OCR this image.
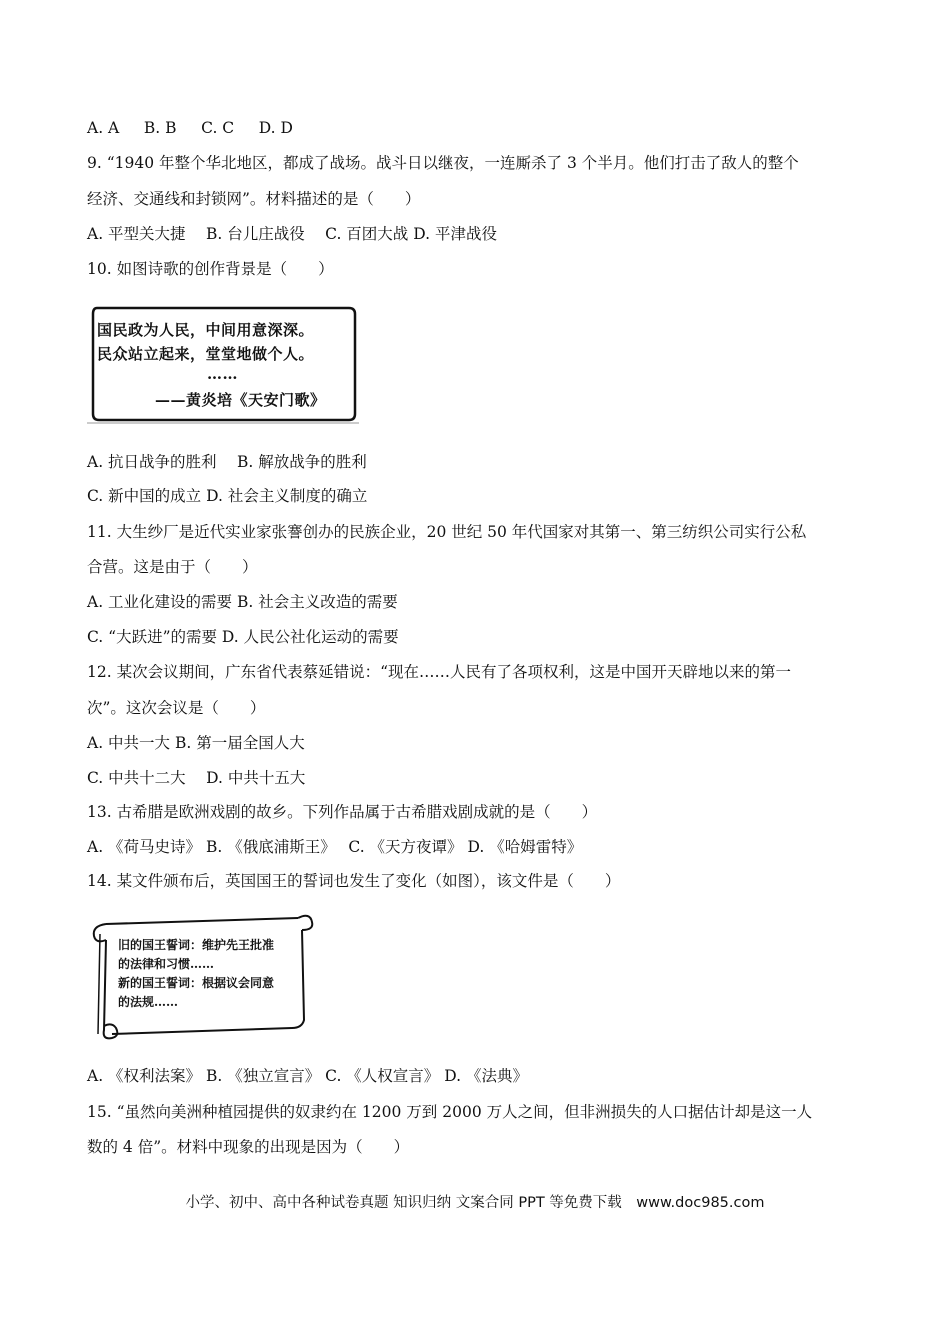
A. A     B. B     C. C     D. D
9. “1940 年整个华北地区，都成了战场。战斗日以继夜，一连厮杀了 3 个半月。他们打击了敌人的整个
经济、交通线和封锁网”。材料描述的是（　　）
A. 平型关大捷　 B. 台儿庄战役　 C. 百团大战 D. 平津战役
10. 如图诗歌的创作背景是（　　）
国民政为人民，中间用意深深。
民众站立起来，堂堂地做个人。
……
——黄炎培《天安门歌》
A. 抗日战争的胜利　 B. 解放战争的胜利
C. 新中国的成立 D. 社会主义制度的确立
11. 大生纱厂是近代实业家张謇创办的民族企业，20 世纪 50 年代国家对其第一、第三纺织公司实行公私
合营。这是由于（　　）
A. 工业化建设的需要 B. 社会主义改造的需要
C. “大跃进”的需要 D. 人民公社化运动的需要
12. 某次会议期间，广东省代表蔡延错说：“现在……人民有了各项权利，这是中国开天辟地以来的第一
次”。这次会议是（　　）
A. 中共一大 B. 第一届全国人大
C. 中共十二大　 D. 中共十五大
13. 古希腊是欧洲戏剧的故乡。下列作品属于古希腊戏剧成就的是（　　）
A. 《荷马史诗》 B. 《俄底浦斯王》　 C. 《天方夜谭》 D. 《哈姆雷特》
14. 某文件颁布后，英国国王的誓词也发生了变化（如图），该文件是（　　）
旧的国王誓词：维护先王批准
的法律和习惯……
新的国王誓词：根据议会同意
的法规……
A. 《权利法案》 B. 《独立宣言》 C. 《人权宣言》 D. 《法典》
15. “虽然向美洲种植园提供的奴隶约在 1200 万到 2000 万人之间，但非洲损失的人口据估计却是这一人
数的 4 倍”。材料中现象的出现是因为（　　）
小学、初中、高中各种试卷真题 知识归纳 文案合同 PPT 等免费下载　www.doc985.com
